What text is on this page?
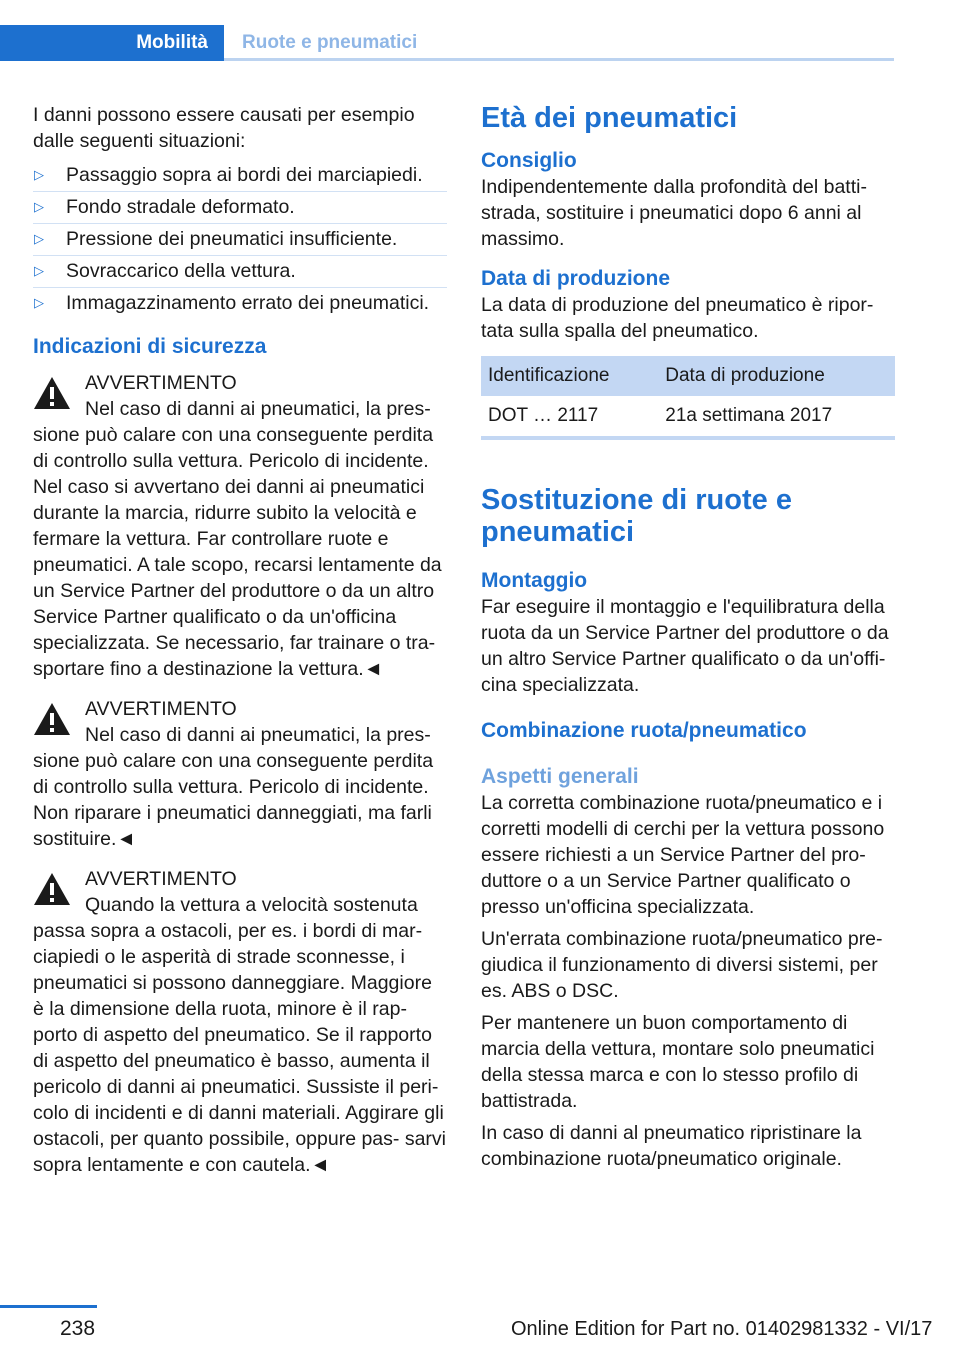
Mobilità	Ruote e pneumatici

I danni possono essere causati per esempio dalle seguenti situazioni:

▷ Passaggio sopra ai bordi dei marciapiedi.
▷ Fondo stradale deformato.
▷ Pressione dei pneumatici insufficiente.
▷ Sovraccarico della vettura.
▷ Immagazzinamento errato dei pneumatici.
Indicazioni di sicurezza

AVVERTIMENTO

Nel caso di danni ai pneumatici, la pres‐

sione può calare con una conseguente perdita di controllo sulla vettura. Pericolo di incidente. Nel caso si avvertano dei danni ai pneumatici durante la marcia, ridurre subito la velocità e fermare la vettura. Far controllare ruote e pneumatici. A tale scopo, recarsi lentamente da un Service Partner del produttore o da un altro Service Partner qualificato o da un'officina specializzata. Se necessario, far trainare o tra‐ sportare fino a destinazione la vettura.◄

AVVERTIMENTO

Nel caso di danni ai pneumatici, la pres‐

sione può calare con una conseguente perdita di controllo sulla vettura. Pericolo di incidente. Non riparare i pneumatici danneggiati, ma farli sostituire.◄

AVVERTIMENTO

Quando la vettura a velocità sostenuta

passa sopra a ostacoli, per es. i bordi di mar‐ ciapiedi o le asperità di strade sconnesse, i pneumatici si possono danneggiare. Maggiore è la dimensione della ruota, minore è il rap‐ porto di aspetto del pneumatico. Se il rapporto di aspetto del pneumatico è basso, aumenta il pericolo di danni ai pneumatici. Sussiste il peri‐ colo di incidenti e di danni materiali. Aggirare gli ostacoli, per quanto possibile, oppure pas‐ sarvi sopra lentamente e con cautela.◄

Età dei pneumatici
Consiglio

Indipendentemente dalla profondità del batti‐ strada, sostituire i pneumatici dopo 6 anni al massimo.

Data di produzione

La data di produzione del pneumatico è ripor‐ tata sulla spalla del pneumatico.

Identificazione	Data di produzione
DOT … 2117	21a settimana 2017
Sostituzione di ruote e pneumatici
Montaggio

Far eseguire il montaggio e l'equilibratura della ruota da un Service Partner del produttore o da un altro Service Partner qualificato o da un'offi‐ cina specializzata.

Combinazione ruota/pneumatico
Aspetti generali

La corretta combinazione ruota/pneumatico e i corretti modelli di cerchi per la vettura possono essere richiesti a un Service Partner del pro‐ duttore o a un Service Partner qualificato o presso un'officina specializzata.

Un'errata combinazione ruota/pneumatico pre‐ giudica il funzionamento di diversi sistemi, per es. ABS o DSC.

Per mantenere un buon comportamento di marcia della vettura, montare solo pneumatici della stessa marca e con lo stesso profilo di battistrada.

In caso di danni al pneumatico ripristinare la combinazione ruota/pneumatico originale.

238	Online Edition for Part no. 01402981332 - VI/17
